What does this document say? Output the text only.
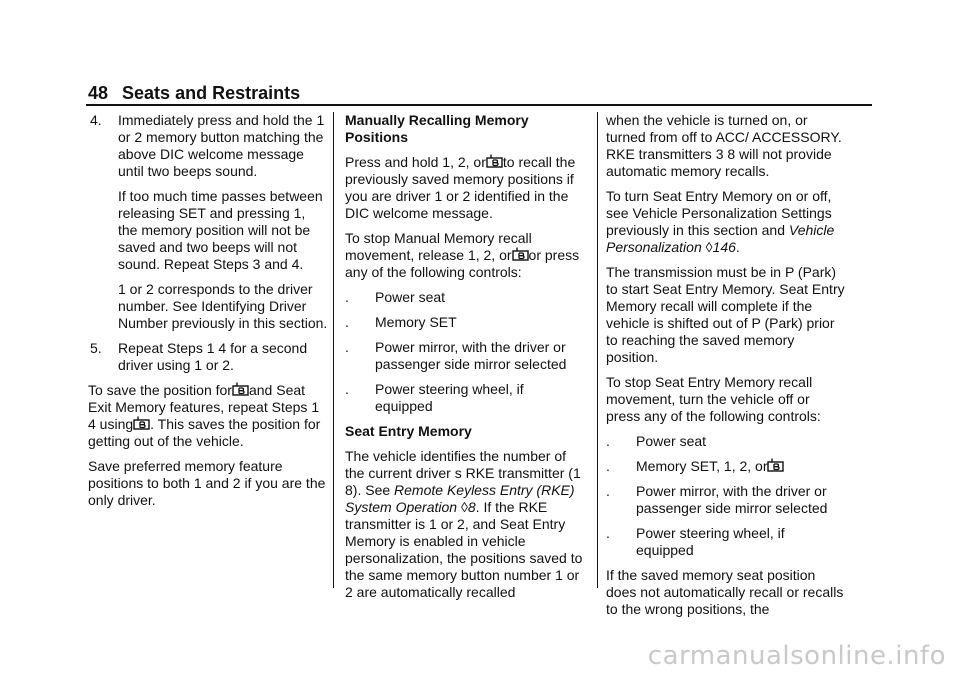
48 Seats and Restraints
4. Immediately press and hold the 1 or 2 memory button matching the above DIC welcome message until two beeps sound.
If too much time passes between releasing SET and pressing 1, the memory position will not be saved and two beeps will not sound. Repeat Steps 3 and 4.
1 or 2 corresponds to the driver number. See Identifying Driver Number previously in this section.
5. Repeat Steps 1 4 for a second driver using 1 or 2.

To save the position for and Seat Exit Memory features, repeat Steps 1 4 using . This saves the position for getting out of the vehicle.

Save preferred memory feature positions to both 1 and 2 if you are the only driver.

Manually Recalling Memory Positions

Press and hold 1, 2, or to recall the previously saved memory positions if you are driver 1 or 2 identified in the DIC welcome message.

To stop Manual Memory recall movement, release 1, 2, or or press any of the following controls:

. Power seat
. Memory SET
. Power mirror, with the driver or passenger side mirror selected
. Power steering wheel, if equipped

Seat Entry Memory

The vehicle identifies the number of the current driver s RKE transmitter (1 8). See Remote Keyless Entry (RKE) System Operation ◊8. If the RKE transmitter is 1 or 2, and Seat Entry Memory is enabled in vehicle personalization, the positions saved to the same memory button number 1 or 2 are automatically recalled

when the vehicle is turned on, or turned from off to ACC/ ACCESSORY. RKE transmitters 3 8 will not provide automatic memory recalls.

To turn Seat Entry Memory on or off, see Vehicle Personalization Settings previously in this section and Vehicle Personalization ◊146.

The transmission must be in P (Park) to start Seat Entry Memory. Seat Entry Memory recall will complete if the vehicle is shifted out of P (Park) prior to reaching the saved memory position.

To stop Seat Entry Memory recall movement, turn the vehicle off or press any of the following controls:

. Power seat
. Memory SET, 1, 2, or
. Power mirror, with the driver or passenger side mirror selected
. Power steering wheel, if equipped

If the saved memory seat position does not automatically recall or recalls to the wrong positions, the

carmanualsonline.info
